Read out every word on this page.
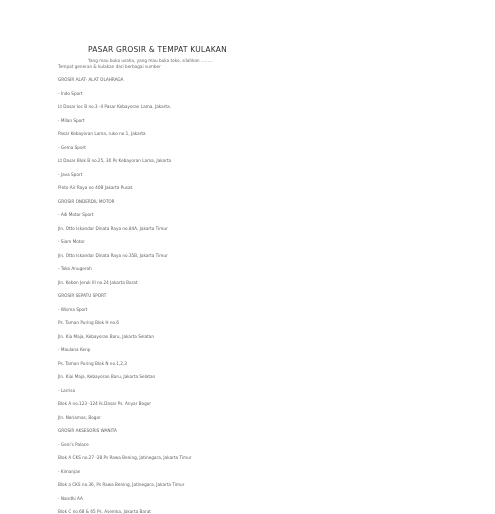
PASAR GROSIR & TEMPAT KULAKAN

Yang mau buka usaha, yang mau buka toko, silahkan .........

Tempat generan & kulakan dari berbagai sumber

GROSIR ALAT- ALAT OLAHRAGA
- Indo Sport
Lt Dasar loc B no.3 -4 Pasar Kebayoran Lama, Jakarta.
- Milan Sport
Pasar Kebayoran Lama, ruko no 1, Jakarta
- Gema Sport
Lt Dasar Blok B no.25, 30 Ps Kebayoran Lama, Jakarta
- Java Sport
Pinto Air Raya no 40B Jakarta Pusat.
GROSIR ONDERDIL MOTOR
- Adi Motor Sport
Jln. Otto Iskandar Dinata Raya no.84A, Jakarta Timur
- Siam Motor
Jln. Otto Iskandar Dinata Raya no.35B, Jakarta Timur
- Toko Anugerah
Jln. Kebon Jeruk III no.24 Jakarta Barat
GROSIR SEPATU SPORT
- Wisma Sport
Ps. Taman Puring Blok H no.6
Jln. Kia Maja, Kebayoran Baru, Jakarta Selatan
- Maulana Kenp
Ps. Taman Puring Blok N no.1,2,3
Jln. Kiai Maja, Kebayoran Baru, Jakarta Selatan
- Larrisa
Blok A no.123 -124 Ik.Dasar Ps. Anyar Bogor
Jln. Nariamas, Bogor
GROSIR AKSESORIS WANITA
- Geni's Palace
Blok A CKS no.27 -28 Ps Rawa Bening, Jatinegara, Jakarta Timur
- Kimanjan
Blok a CKS no.36, Ps Rawa Bening, Jatinegara, Jakarta Timur
- Nandhi AA
Blok C no.68 & 65 Ps. Asemka, Jakarta Barat
